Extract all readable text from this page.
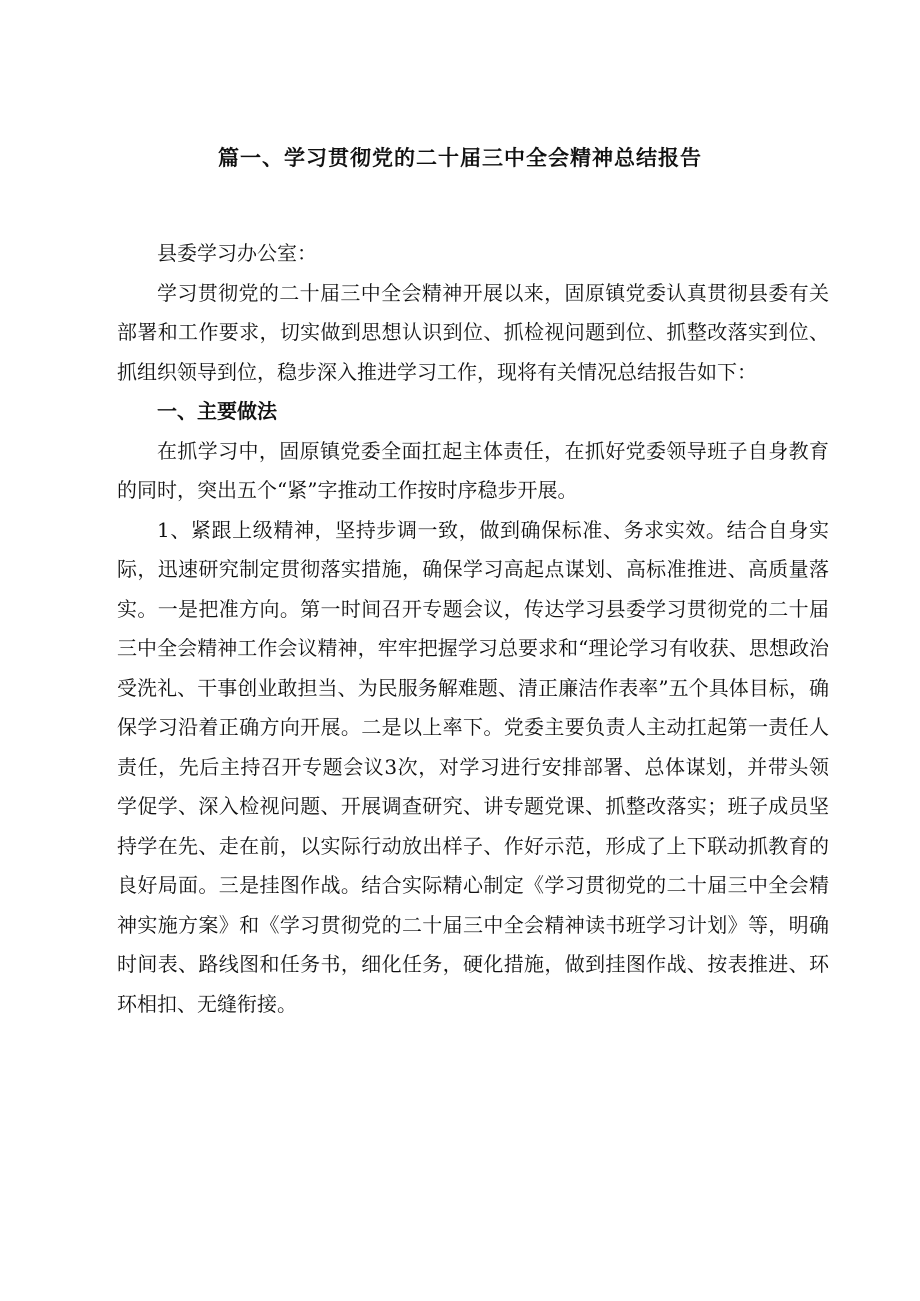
篇一、学习贯彻党的二十届三中全会精神总结报告

县委学习办公室：

学习贯彻党的二十届三中全会精神开展以来，固原镇党委认真贯彻县委有关部署和工作要求，切实做到思想认识到位、抓检视问题到位、抓整改落实到位、抓组织领导到位，稳步深入推进学习工作，现将有关情况总结报告如下：

一、主要做法

在抓学习中，固原镇党委全面扛起主体责任，在抓好党委领导班子自身教育的同时，突出五个“紧”字推动工作按时序稳步开展。

1、紧跟上级精神，坚持步调一致，做到确保标准、务求实效。结合自身实际，迅速研究制定贯彻落实措施，确保学习高起点谋划、高标准推进、高质量落实。一是把准方向。第一时间召开专题会议，传达学习县委学习贯彻党的二十届三中全会精神工作会议精神，牢牢把握学习总要求和“理论学习有收获、思想政治受洗礼、干事创业敢担当、为民服务解难题、清正廉洁作表率”五个具体目标，确保学习沿着正确方向开展。二是以上率下。党委主要负责人主动扛起第一责任人责任，先后主持召开专题会议3次，对学习进行安排部署、总体谋划，并带头领学促学、深入检视问题、开展调查研究、讲专题党课、抓整改落实；班子成员坚持学在先、走在前，以实际行动放出样子、作好示范，形成了上下联动抓教育的良好局面。三是挂图作战。结合实际精心制定《学习贯彻党的二十届三中全会精神实施方案》和《学习贯彻党的二十届三中全会精神读书班学习计划》等，明确时间表、路线图和任务书，细化任务，硬化措施，做到挂图作战、按表推进、环环相扣、无缝衔接。
